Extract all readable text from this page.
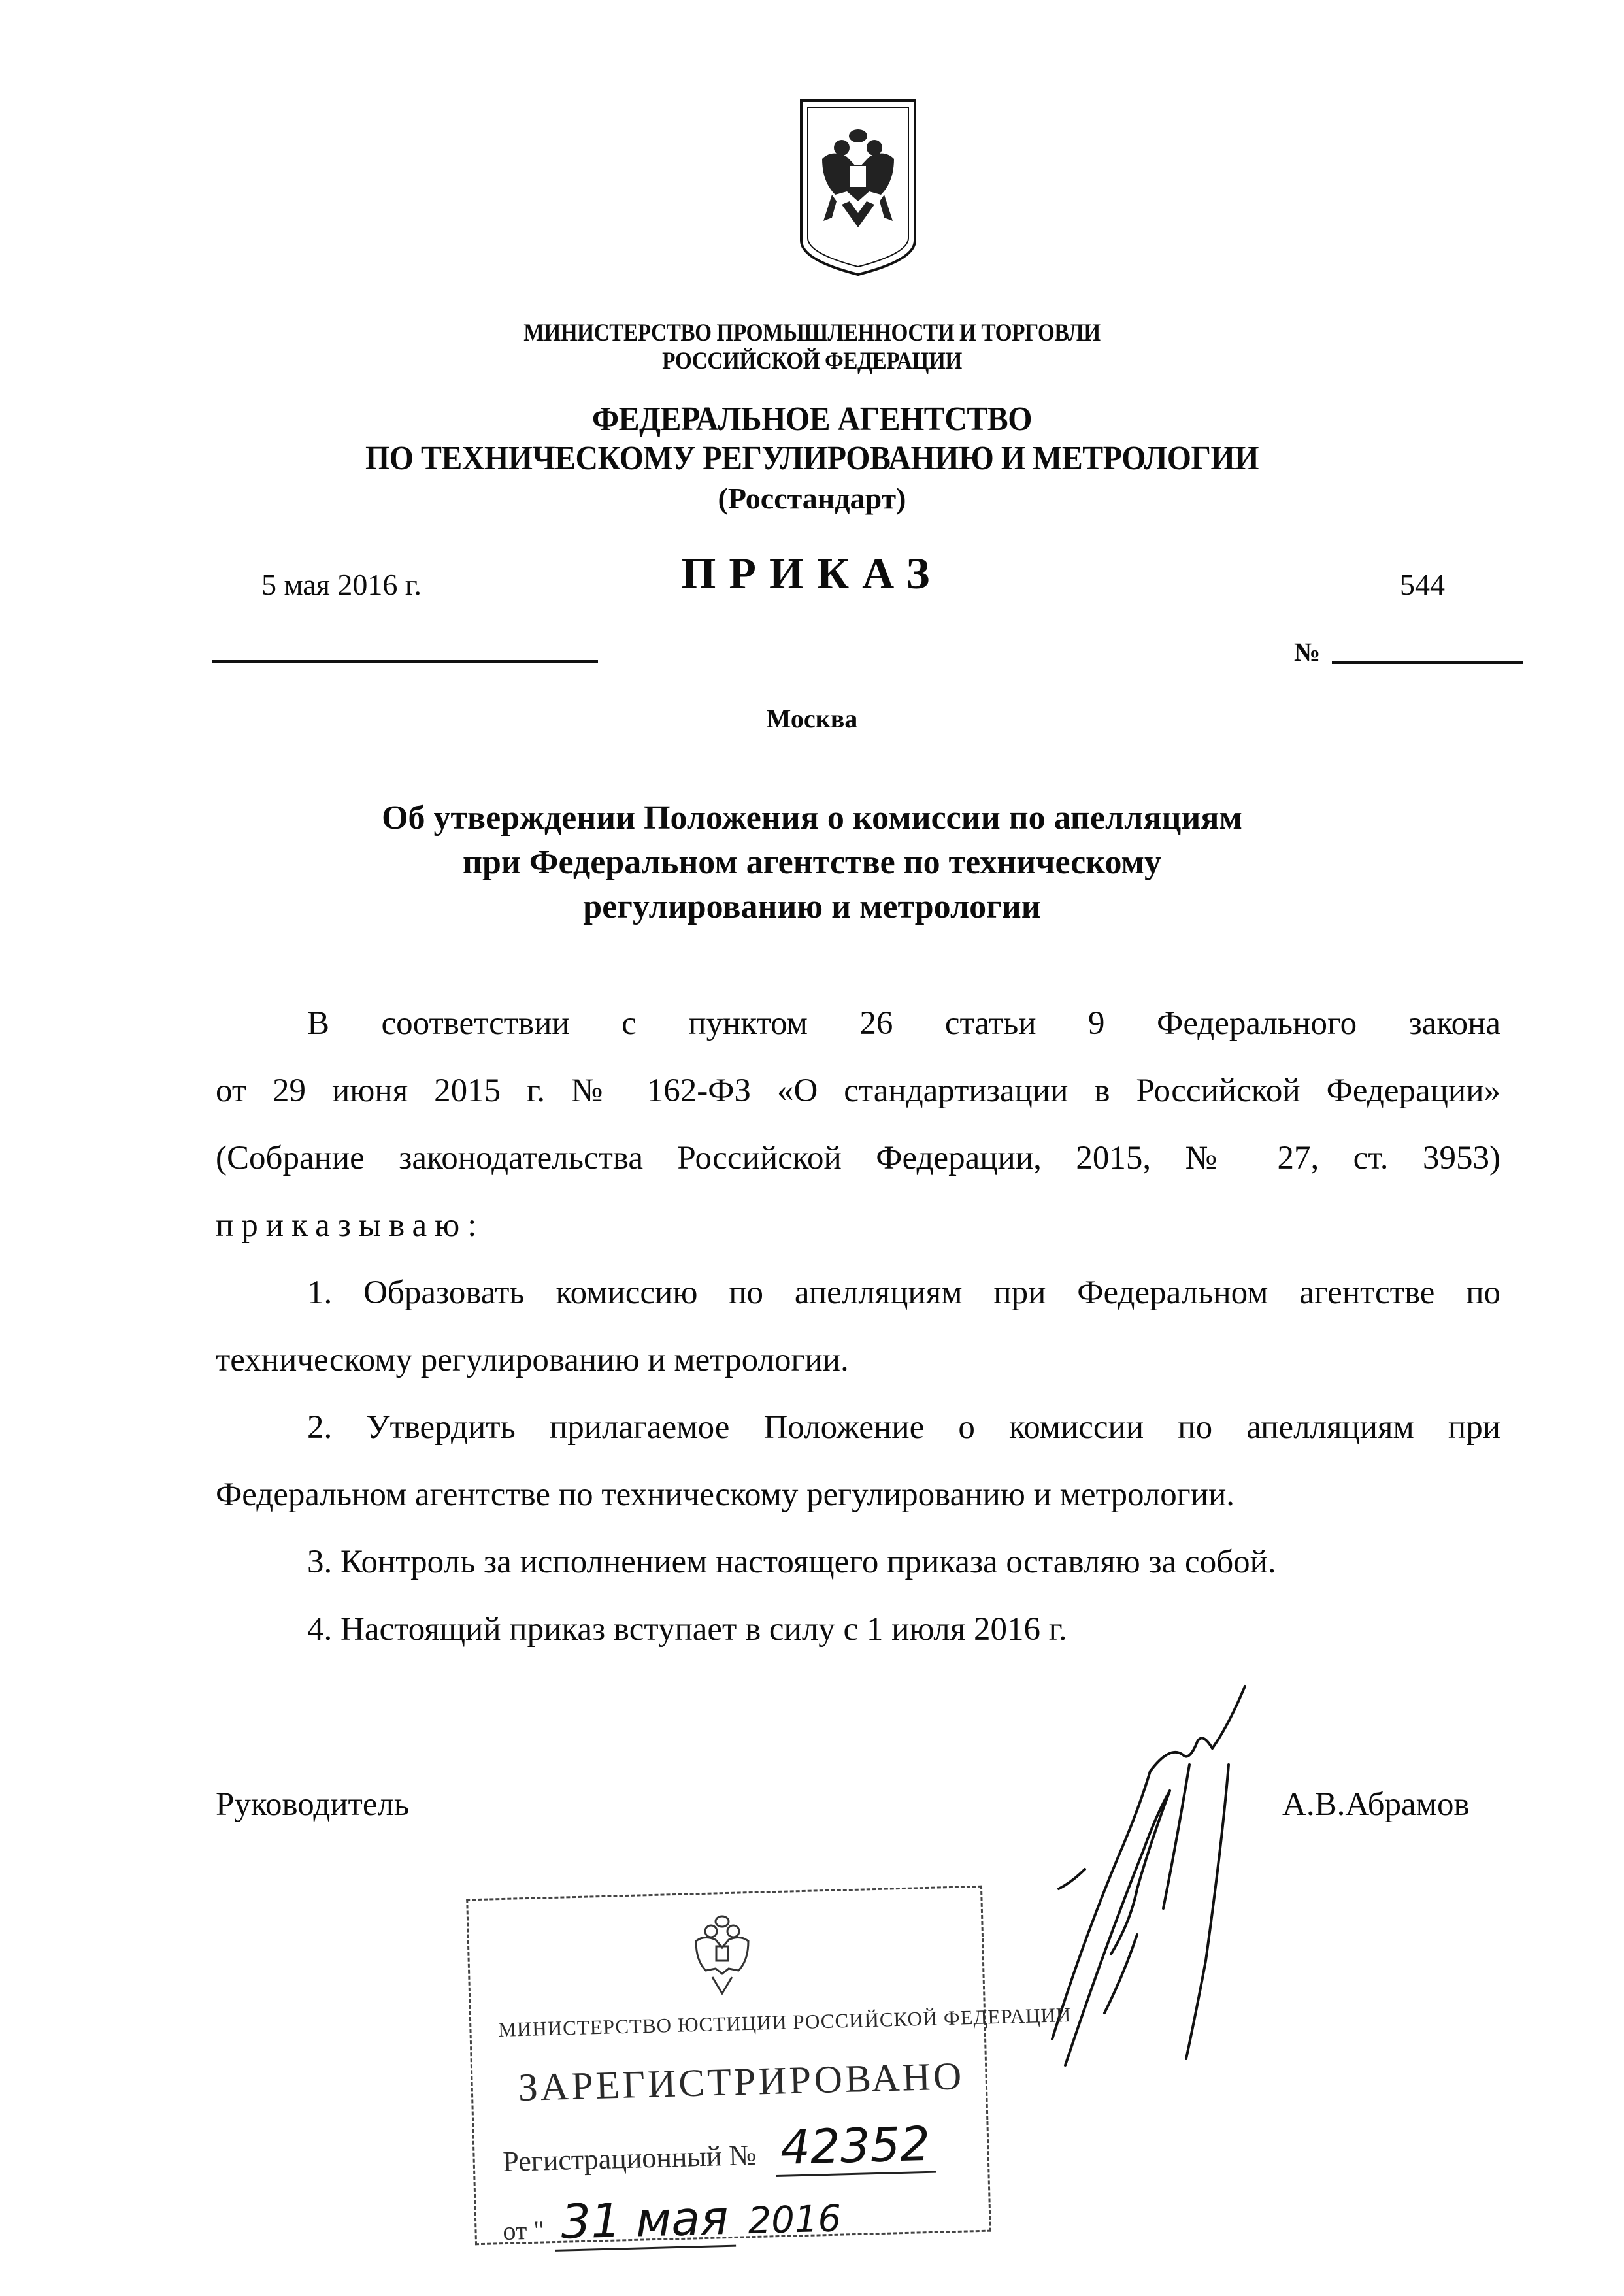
МИНИСТЕРСТВО ПРОМЫШЛЕННОСТИ И ТОРГОВЛИ
РОССИЙСКОЙ ФЕДЕРАЦИИ
ФЕДЕРАЛЬНОЕ АГЕНТСТВО
ПО ТЕХНИЧЕСКОМУ РЕГУЛИРОВАНИЮ И МЕТРОЛОГИИ
(Росстандарт)
5 мая 2016 г.	ПРИКАЗ	544
№
Москва
Об утверждении Положения о комиссии по апелляциям
при Федеральном агентстве по техническому
регулированию и метрологии
В соответствии с пунктом 26 статьи 9 Федерального закона
от 29 июня 2015 г. № 162-ФЗ «О стандартизации в Российской Федерации»
(Собрание законодательства Российской Федерации, 2015, № 27, ст. 3953)
приказываю:
1. Образовать комиссию по апелляциям при Федеральном агентстве по
техническому регулированию и метрологии.
2. Утвердить прилагаемое Положение о комиссии по апелляциям при
Федеральном агентстве по техническому регулированию и метрологии.
3. Контроль за исполнением настоящего приказа оставляю за собой.
4. Настоящий приказ вступает в силу с 1 июля 2016 г.
Руководитель	А.В.Абрамов
МИНИСТЕРСТВО ЮСТИЦИИ РОССИЙСКОЙ ФЕДЕРАЦИИ
ЗАРЕГИСТРИРОВАНО
Регистрационный № 42352
от " 31 мая 2016
